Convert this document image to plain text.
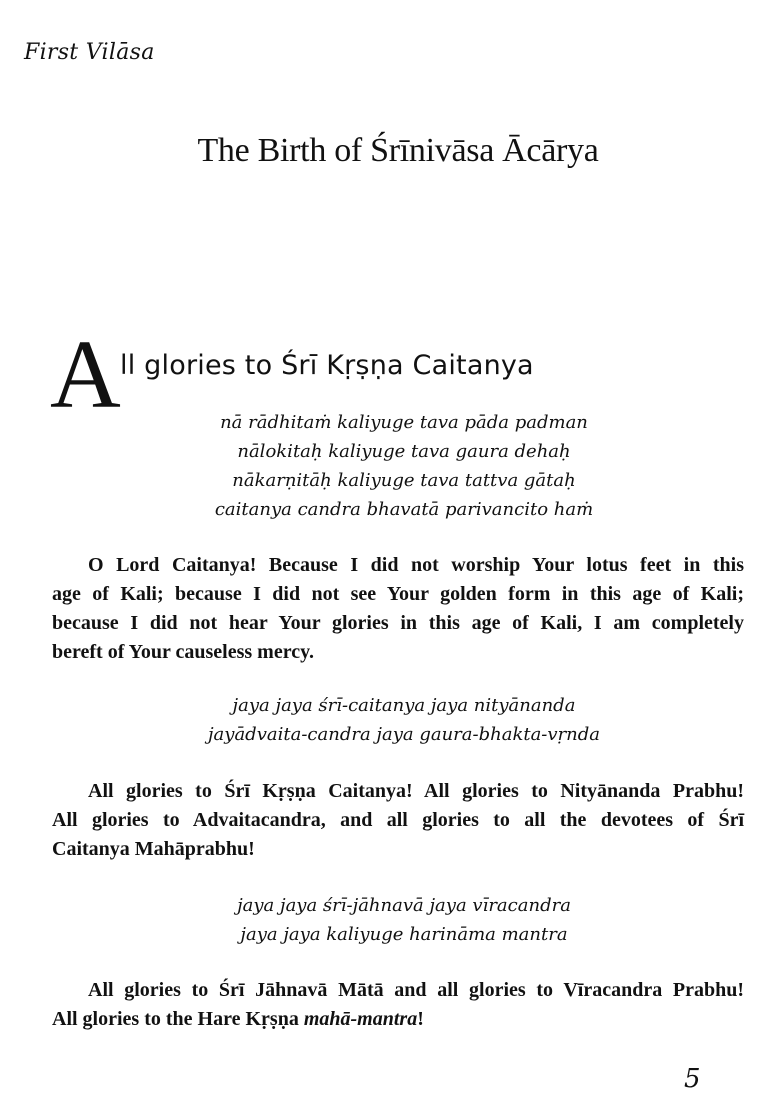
First Vilāsa
The Birth of Śrīnivāsa Ācārya
A ll glories to Śrī Kṛṣṇa Caitanya
nā rādhitaṁ kaliyuge tava pāda padman
nālokitaḥ kaliyuge tava gaura dehaḥ
nākarṇitāḥ kaliyuge tava tattva gātaḥ
caitanya candra bhavatā parivancito haṁ
O Lord Caitanya! Because I did not worship Your lotus feet in this
age of Kali; because I did not see Your golden form in this age of Kali;
because I did not hear Your glories in this age of Kali, I am completely
bereft of Your causeless mercy.
jaya jaya śrī-caitanya jaya nityānanda
jayādvaita-candra jaya gaura-bhakta-vṛnda
All glories to Śrī Kṛṣṇa Caitanya! All glories to Nityānanda Prabhu!
All glories to Advaitacandra, and all glories to all the devotees of Śrī
Caitanya Mahāprabhu!
jaya jaya śrī-jāhnavā jaya vīracandra
jaya jaya kaliyuge harināma mantra
All glories to Śrī Jāhnavā Mātā and all glories to Vīracandra Prabhu!
All glories to the Hare Kṛṣṇa mahā-mantra!
5
